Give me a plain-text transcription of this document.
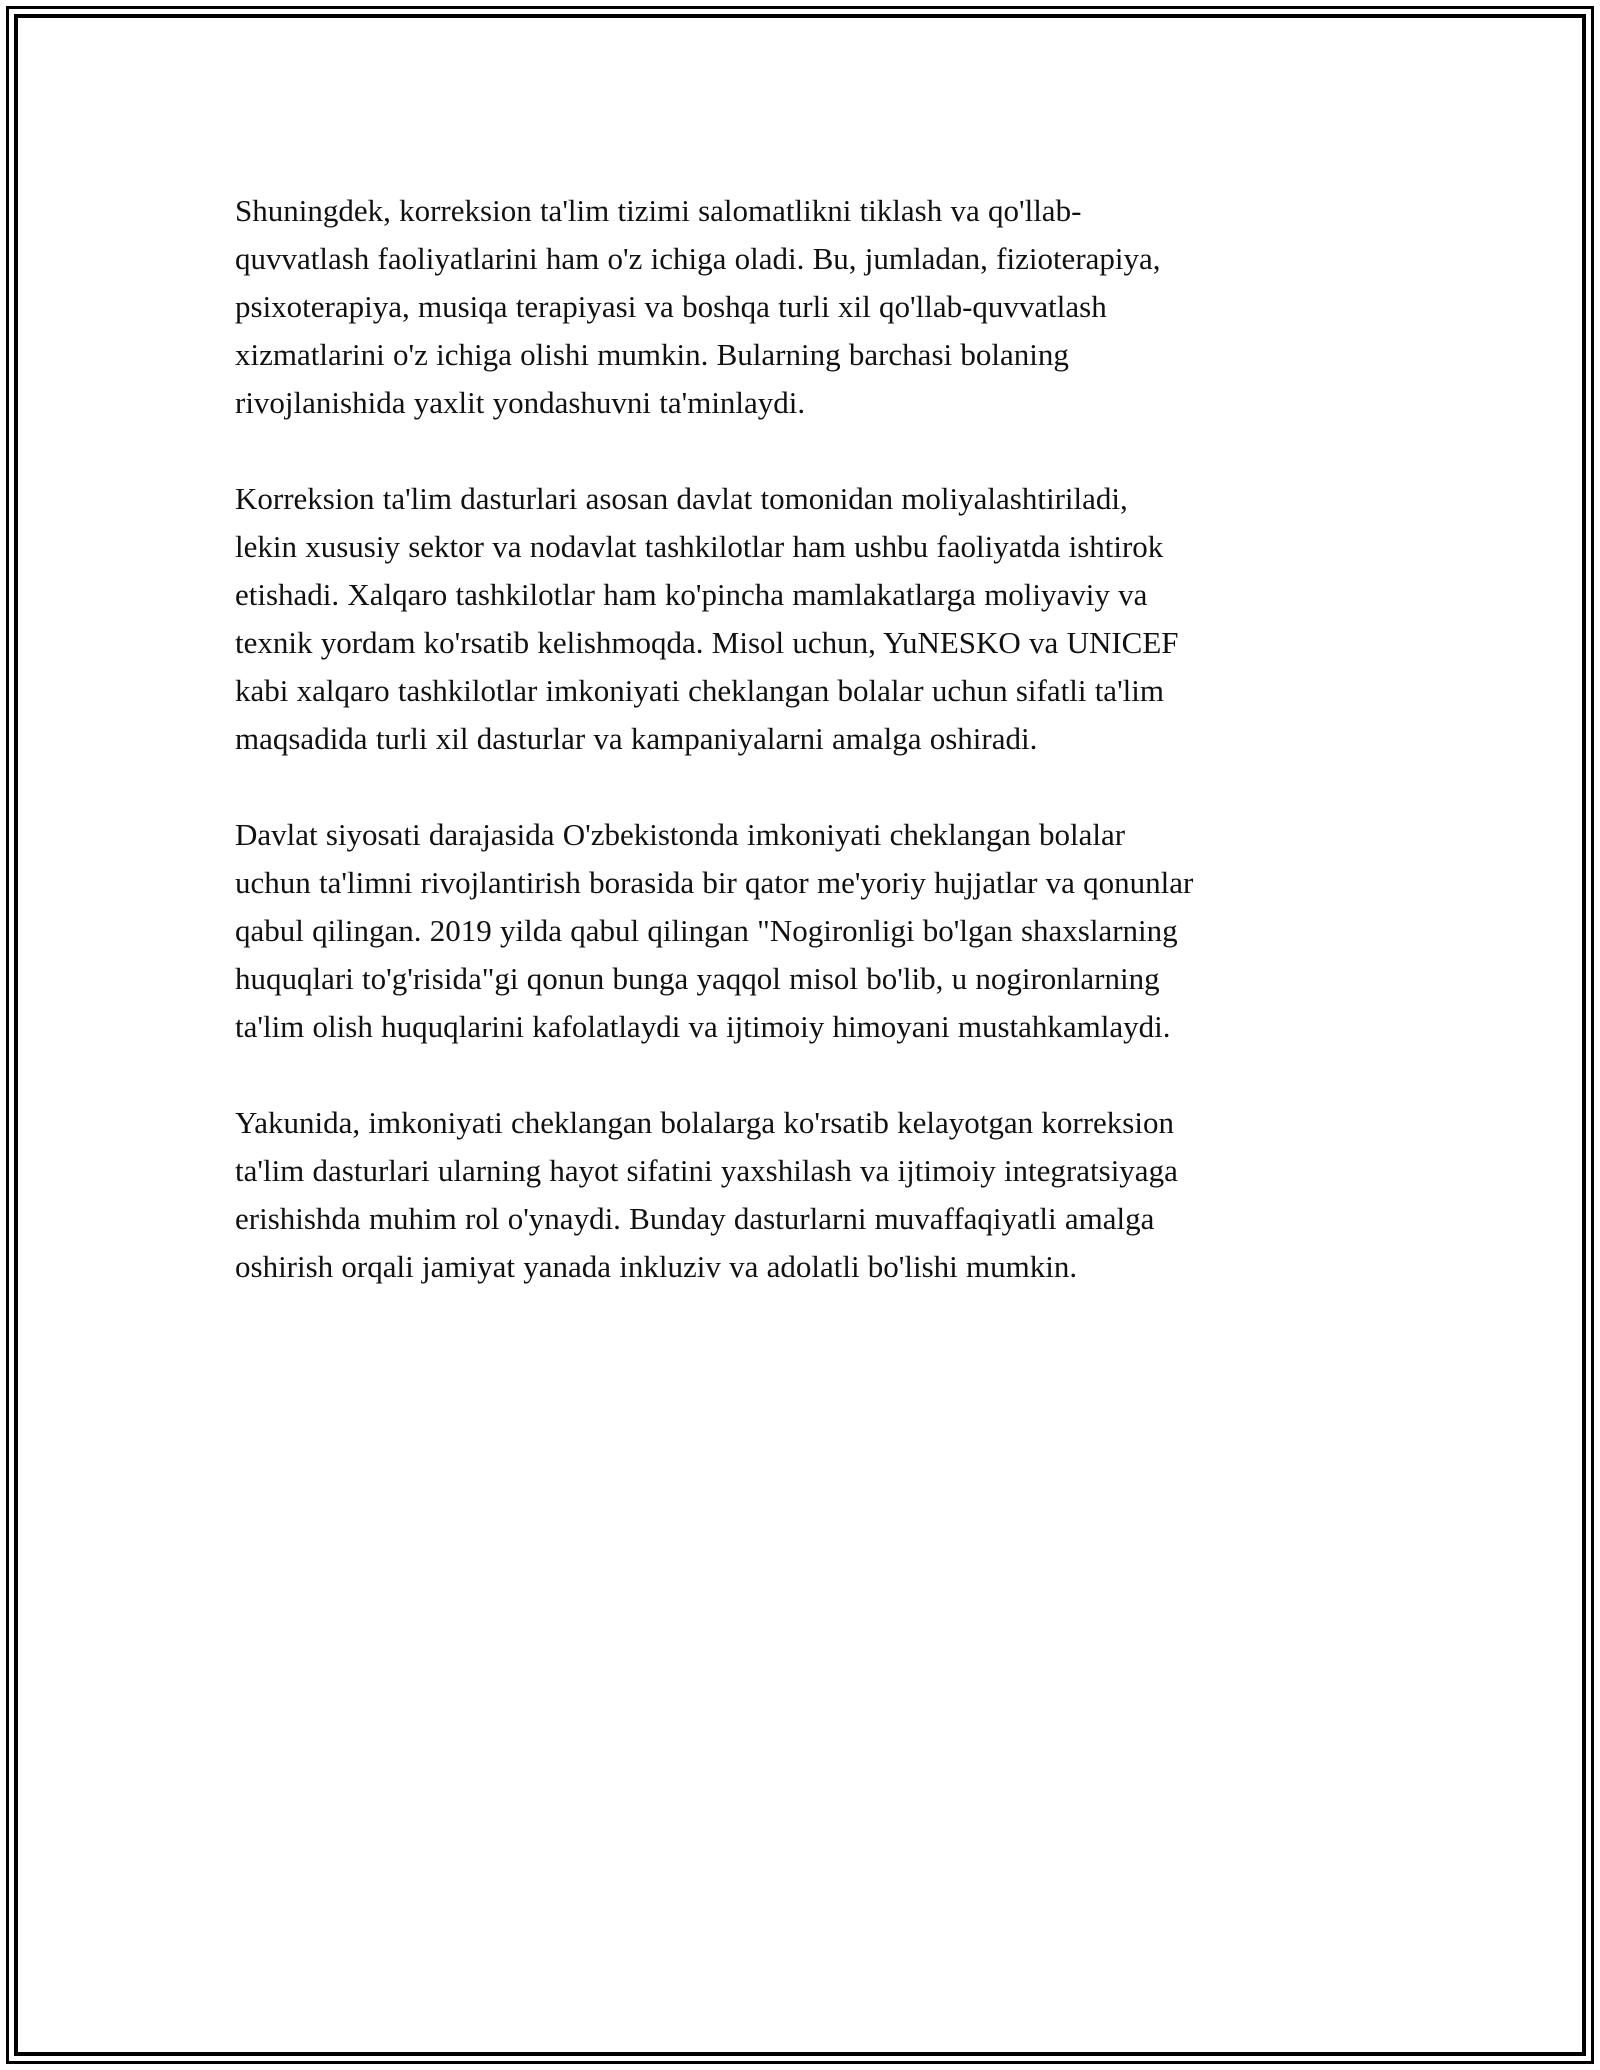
Shuningdek, korreksion ta'lim tizimi salomatlikni tiklash va qo'llab-
quvvatlash faoliyatlarini ham o'z ichiga oladi. Bu, jumladan, fizioterapiya,
psixoterapiya, musiqa terapiyasi va boshqa turli xil qo'llab-quvvatlash
xizmatlarini o'z ichiga olishi mumkin. Bularning barchasi bolaning
rivojlanishida yaxlit yondashuvni ta'minlaydi.

Korreksion ta'lim dasturlari asosan davlat tomonidan moliyalashtiriladi,
lekin xususiy sektor va nodavlat tashkilotlar ham ushbu faoliyatda ishtirok
etishadi. Xalqaro tashkilotlar ham ko'pincha mamlakatlarga moliyaviy va
texnik yordam ko'rsatib kelishmoqda. Misol uchun, YuNESKO va UNICEF
kabi xalqaro tashkilotlar imkoniyati cheklangan bolalar uchun sifatli ta'lim
maqsadida turli xil dasturlar va kampaniyalarni amalga oshiradi.

Davlat siyosati darajasida O'zbekistonda imkoniyati cheklangan bolalar
uchun ta'limni rivojlantirish borasida bir qator me'yoriy hujjatlar va qonunlar
qabul qilingan. 2019 yilda qabul qilingan "Nogironligi bo'lgan shaxslarning
huquqlari to'g'risida"gi qonun bunga yaqqol misol bo'lib, u nogironlarning
ta'lim olish huquqlarini kafolatlaydi va ijtimoiy himoyani mustahkamlaydi.

Yakunida, imkoniyati cheklangan bolalarga ko'rsatib kelayotgan korreksion
ta'lim dasturlari ularning hayot sifatini yaxshilash va ijtimoiy integratsiyaga
erishishda muhim rol o'ynaydi. Bunday dasturlarni muvaffaqiyatli amalga
oshirish orqali jamiyat yanada inkluziv va adolatli bo'lishi mumkin.
